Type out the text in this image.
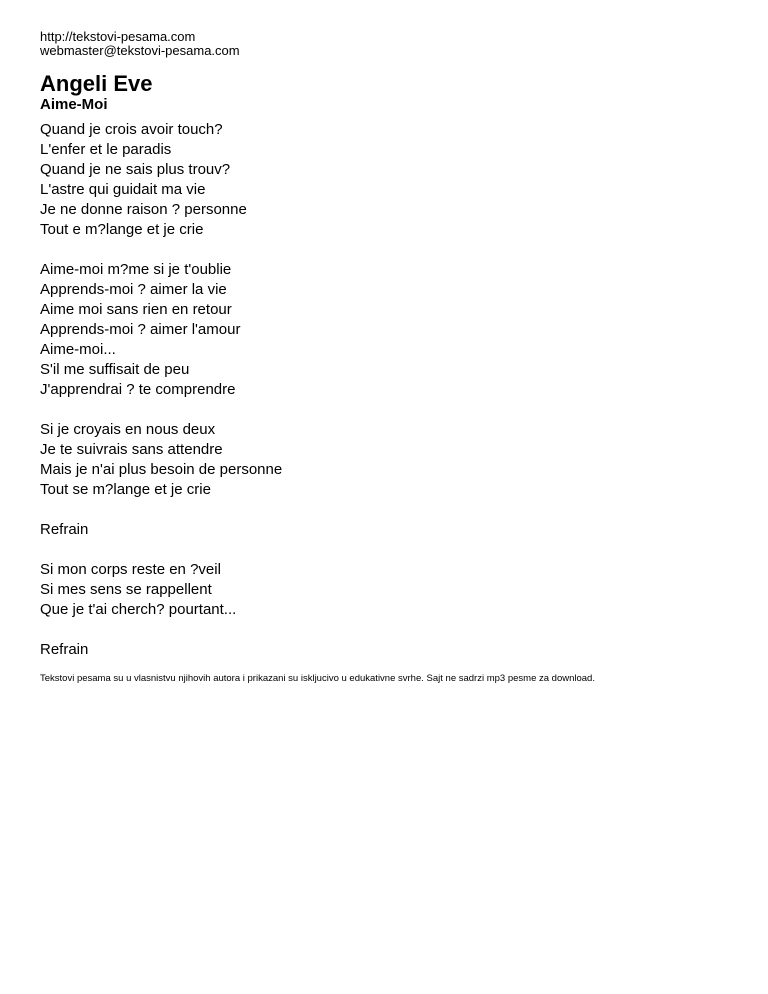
http://tekstovi-pesama.com
webmaster@tekstovi-pesama.com
Angeli Eve
Aime-Moi
Quand je crois avoir touch?
L'enfer et le paradis
Quand je ne sais plus trouv?
L'astre qui guidait ma vie
Je ne donne raison ? personne
Tout e m?lange et je crie
Aime-moi m?me si je t'oublie
Apprends-moi ? aimer la vie
Aime moi sans rien en retour
Apprends-moi ? aimer l'amour
Aime-moi...
S'il me suffisait de peu
J'apprendrai ? te comprendre
Si je croyais en nous deux
Je te suivrais sans attendre
Mais je n'ai plus besoin de personne
Tout se m?lange et je crie
Refrain
Si mon corps reste en ?veil
Si mes sens se rappellent
Que je t'ai cherch? pourtant...
Refrain
Tekstovi pesama su u vlasnistvu njihovih autora i prikazani su iskljucivo u edukativne svrhe. Sajt ne sadrzi mp3 pesme za download.
